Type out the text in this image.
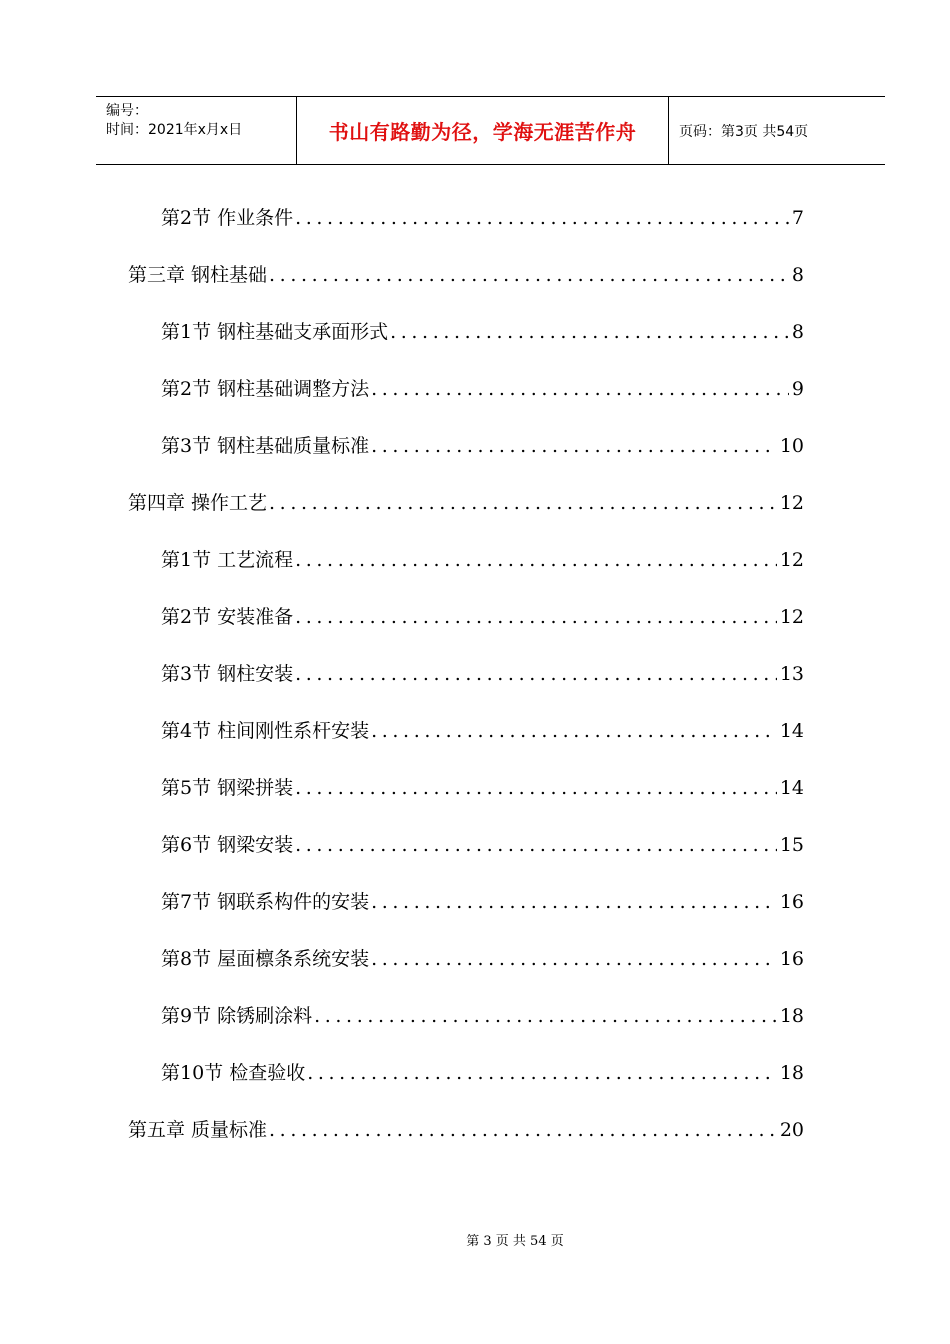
编号：
时间：2021年x月x日	书山有路勤为径，学海无涯苦作舟	页码：第3页 共54页
第2节 作业条件 .....	7
第三章 钢柱基础 .....	8
第1节 钢柱基础支承面形式 .....	8
第2节 钢柱基础调整方法 .....	9
第3节 钢柱基础质量标准 .....	10
第四章 操作工艺 .....	12
第1节 工艺流程 .....	12
第2节 安装准备 .....	12
第3节 钢柱安装 .....	13
第4节 柱间刚性系杆安装 .....	14
第5节 钢梁拼装 .....	14
第6节 钢梁安装 .....	15
第7节 钢联系构件的安装 .....	16
第8节 屋面檩条系统安装 .....	16
第9节 除锈刷涂料 .....	18
第10节 检查验收 .....	18
第五章 质量标准 .....	20
第 3 页 共 54 页
